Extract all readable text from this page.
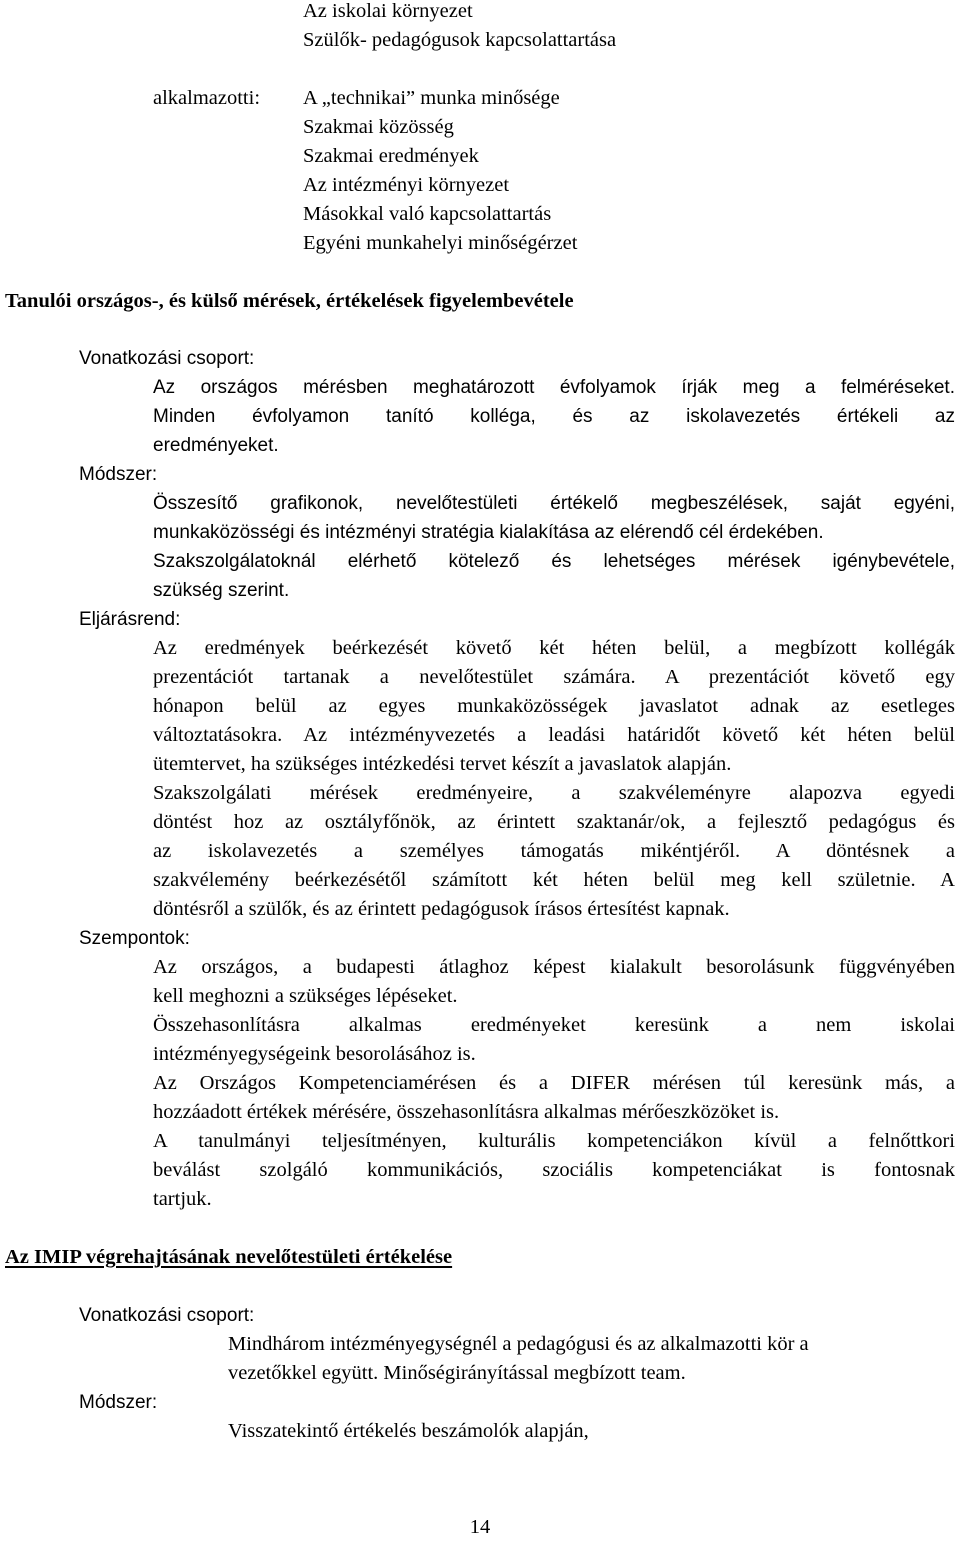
Az iskolai környezet
Szülők- pedagógusok kapcsolattartása
alkalmazotti: A „technikai” munka minősége
Szakmai közösség
Szakmai eredmények
Az intézményi környezet
Másokkal való kapcsolattartás
Egyéni munkahelyi minőségérzet
Tanulói országos-, és külső mérések, értékelések figyelembevétele
Vonatkozási csoport:
Az országos mérésben meghatározott évfolyamok írják meg a felméréseket.
Minden évfolyamon tanító kolléga, és az iskolavezetés értékeli az
eredményeket.
Módszer:
Összesítő grafikonok, nevelőtestületi értékelő megbeszélések, saját egyéni,
munkaközösségi és intézményi stratégia kialakítása az elérendő cél érdekében.
Szakszolgálatoknál elérhető kötelező és lehetséges mérések igénybevétele,
szükség szerint.
Eljárásrend:
Az eredmények beérkezését követő két héten belül, a megbízott kollégák
prezentációt tartanak a nevelőtestület számára. A prezentációt követő egy
hónapon belül az egyes munkaközösségek javaslatot adnak az esetleges
változtatásokra. Az intézményvezetés a leadási határidőt követő két héten belül
ütemtervet, ha szükséges intézkedési tervet készít a javaslatok alapján.
Szakszolgálati mérések eredményeire, a szakvéleményre alapozva egyedi
döntést hoz az osztályfőnök, az érintett szaktanár/ok, a fejlesztő pedagógus és
az iskolavezetés a személyes támogatás mikéntjéről. A döntésnek a
szakvélemény beérkezésétől számított két héten belül meg kell születnie. A
döntésről a szülők, és az érintett pedagógusok írásos értesítést kapnak.
Szempontok:
Az országos, a budapesti átlaghoz képest kialakult besorolásunk függvényében
kell meghozni a szükséges lépéseket.
Összehasonlításra alkalmas eredményeket keresünk a nem iskolai
intézményegységeink besorolásához is.
Az Országos Kompetenciamérésen és a DIFER mérésen túl keresünk más, a
hozzáadott értékek mérésére, összehasonlításra alkalmas mérőeszközöket is.
A tanulmányi teljesítményen, kulturális kompetenciákon kívül a felnőttkori
beválást szolgáló kommunikációs, szociális kompetenciákat is fontosnak
tartjuk.
Az IMIP végrehajtásának nevelőtestületi értékelése
Vonatkozási csoport:
Mindhárom intézményegységnél a pedagógusi és az alkalmazotti kör a
vezetőkkel együtt. Minőségirányítással megbízott team.
Módszer:
Visszatekintő értékelés beszámolók alapján,
14
